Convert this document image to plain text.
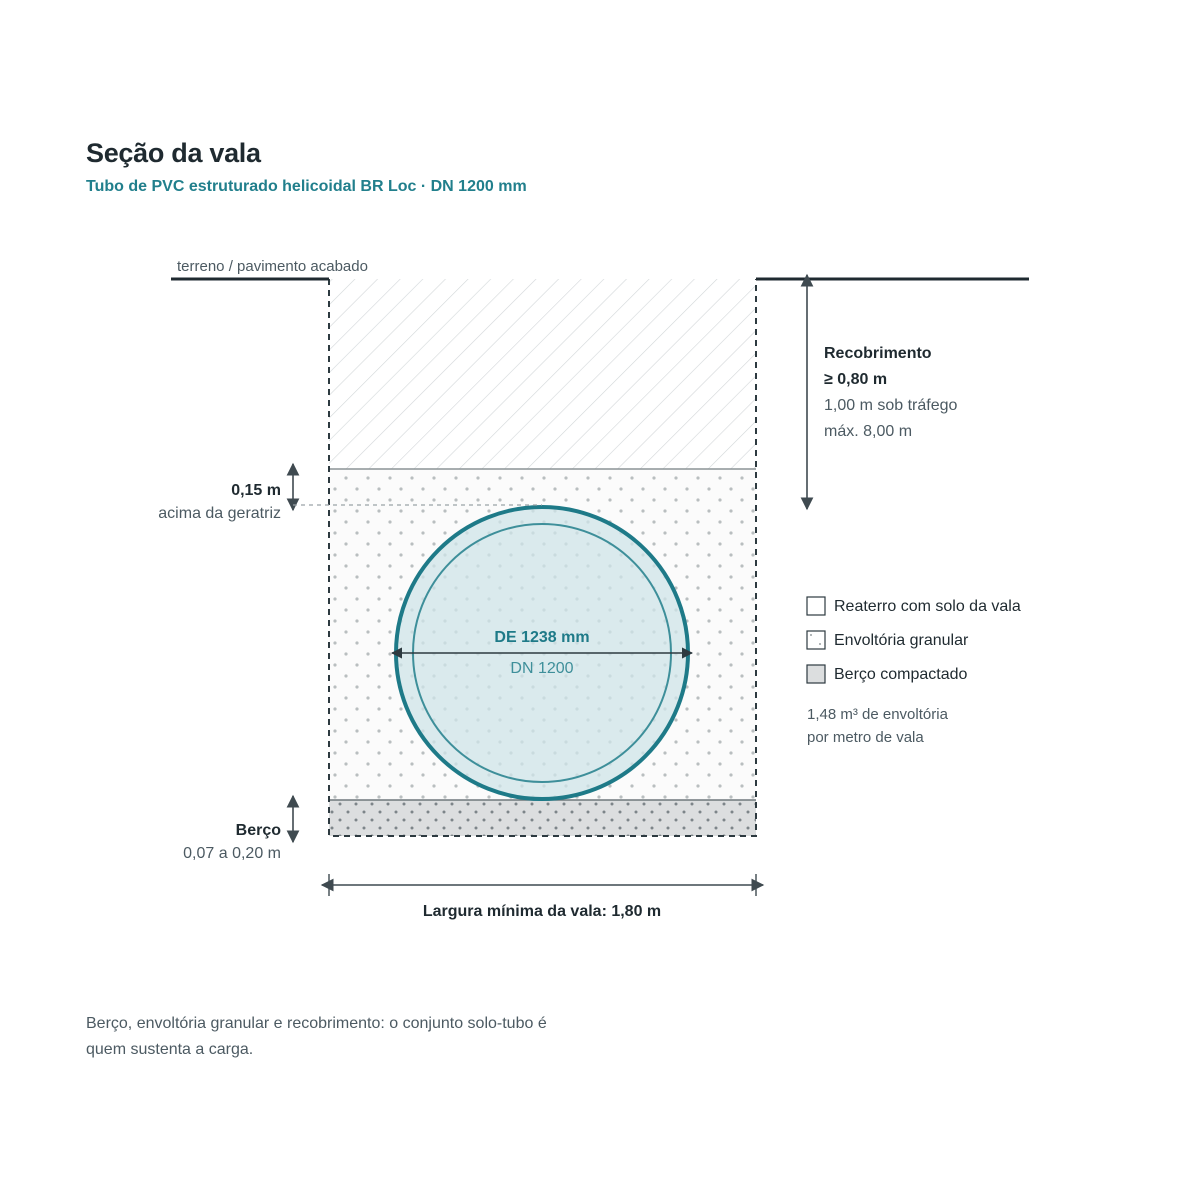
Seção da vala

Tubo de PVC estruturado helicoidal BR Loc · DN 1200 mm

terreno / pavimento acabado
DE 1238 mm
DN 1200
Recobrimento
≥ 0,80 m
1,00 m sob tráfego
máx. 8,00 m
0,15 m
acima da geratriz
Berço
0,07 a 0,20 m
Largura mínima da vala: 1,80 m
Reaterro com solo da vala
Envoltória granular
Berço compactado
1,48 m³ de envoltória
por metro de vala

Berço, envoltória granular e recobrimento: o conjunto solo-tubo é
quem sustenta a carga.
